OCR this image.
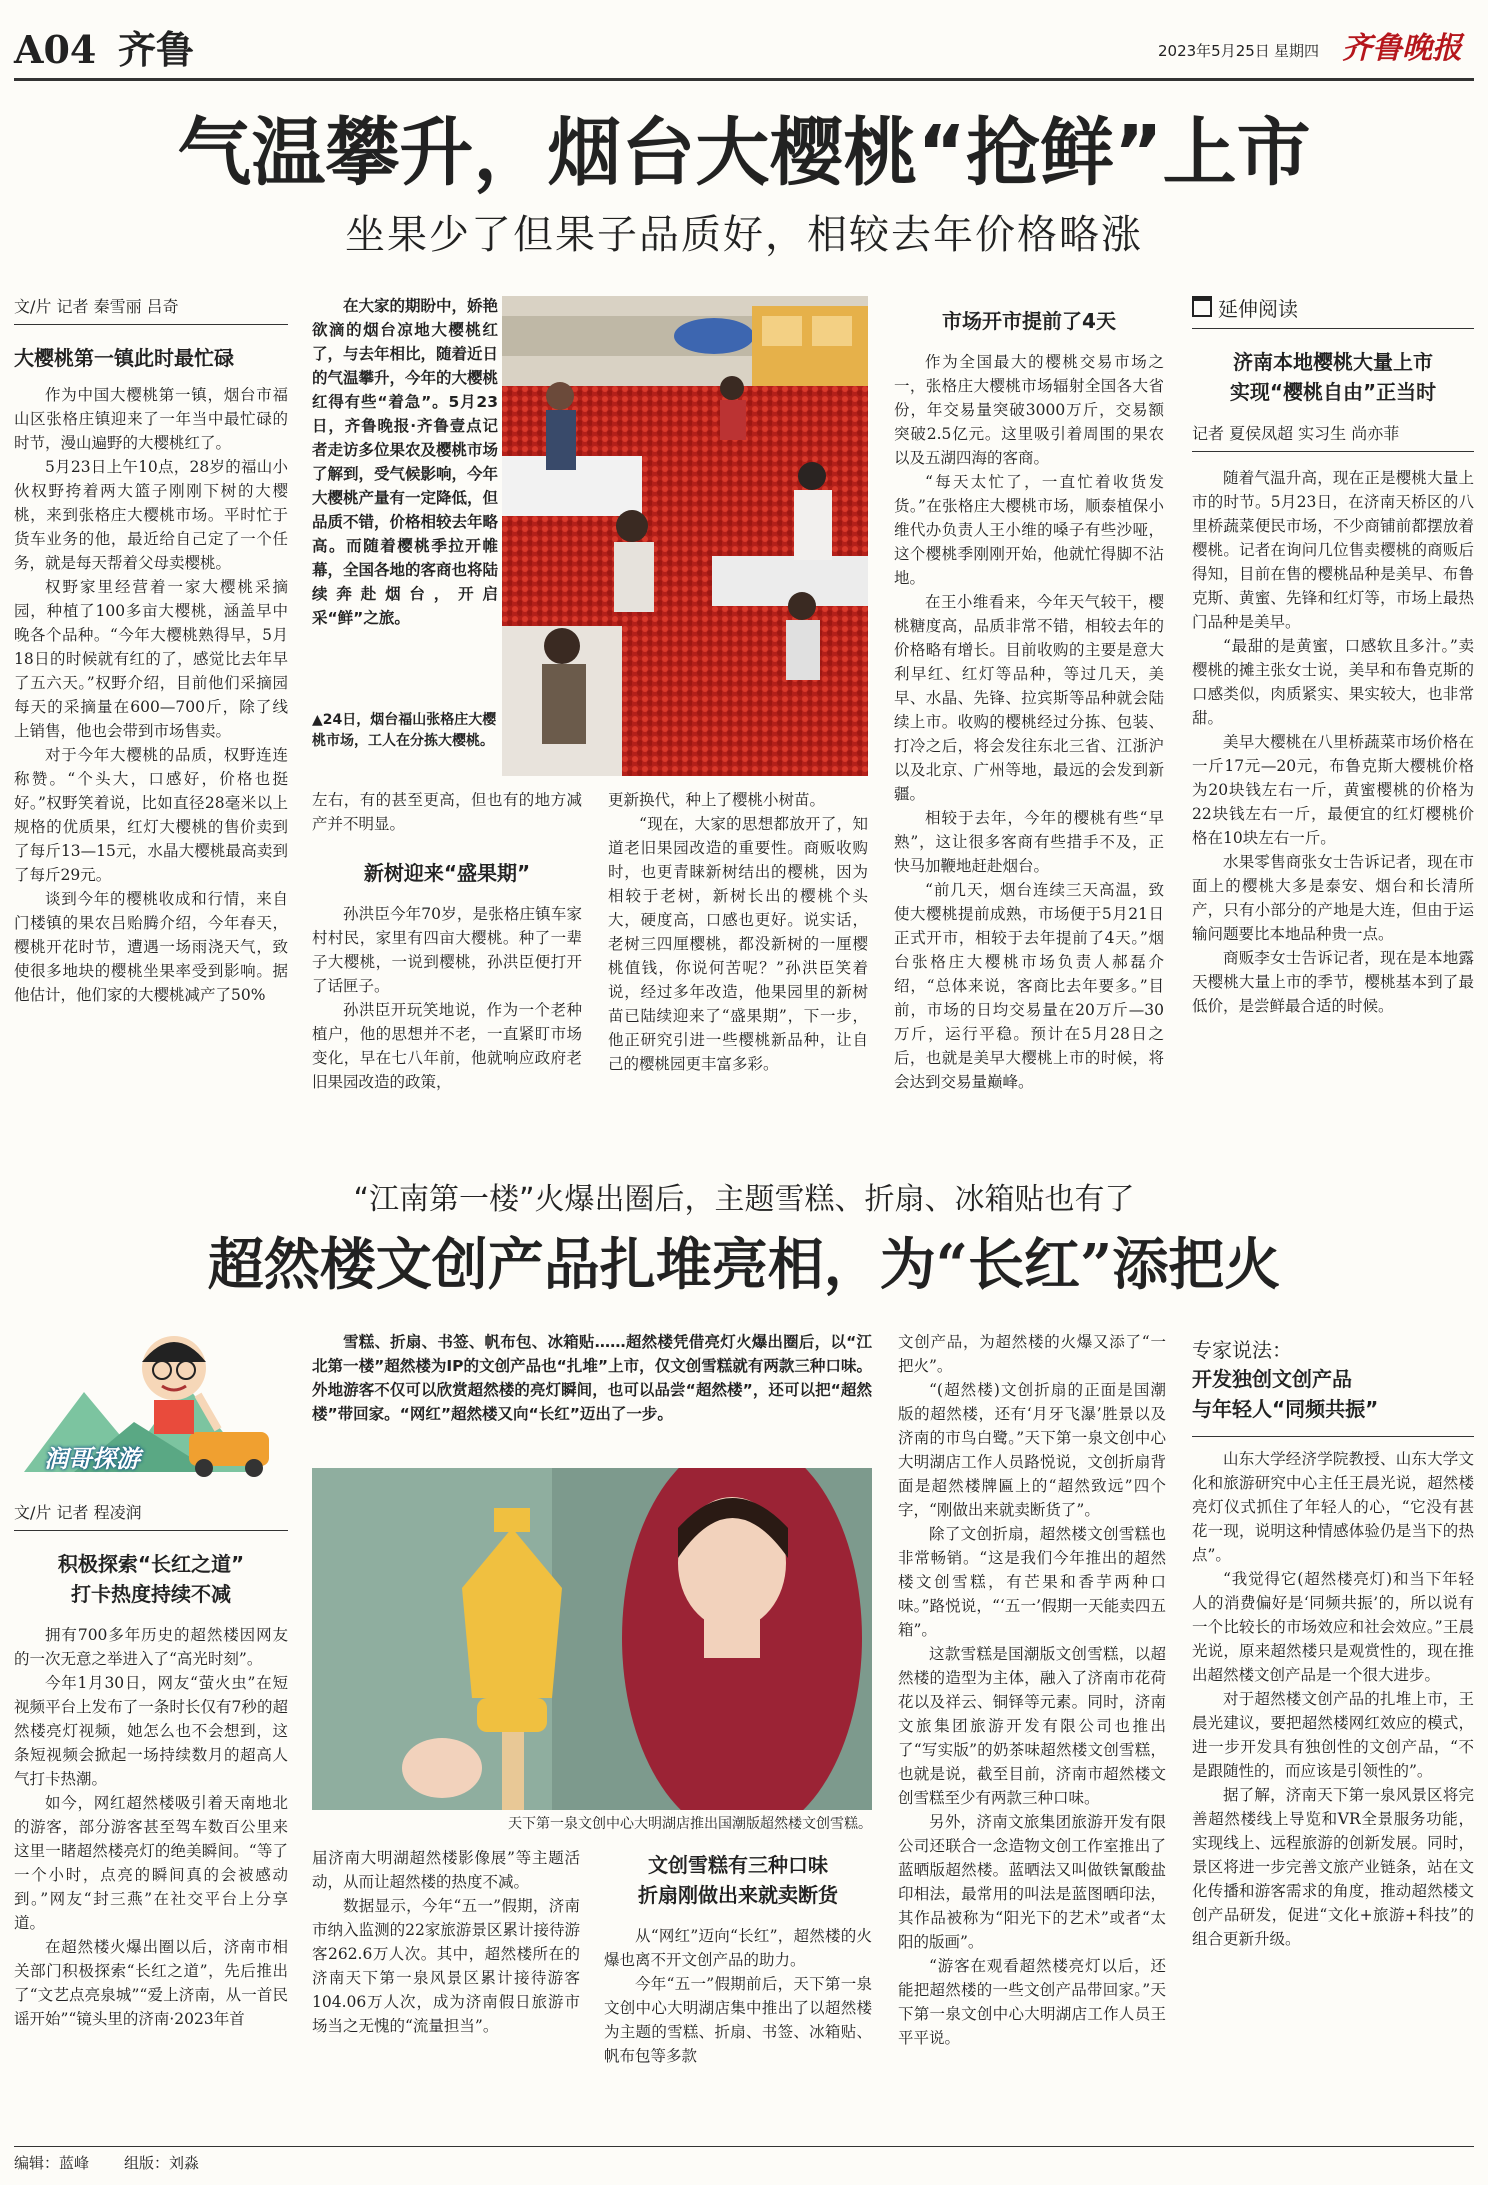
A04 齐鲁	2023年5月25日 星期四 齐鲁晚报
气温攀升，烟台大樱桃“抢鲜”上市
坐果少了但果子品质好，相较去年价格略涨
文/片 记者 秦雪丽 吕奇
大樱桃第一镇此时最忙碌

作为中国大樱桃第一镇，烟台市福山区张格庄镇迎来了一年当中最忙碌的时节，漫山遍野的大樱桃红了。

5月23日上午10点，28岁的福山小伙权野挎着两大篮子刚刚下树的大樱桃，来到张格庄大樱桃市场。平时忙于货车业务的他，最近给自己定了一个任务，就是每天帮着父母卖樱桃。

权野家里经营着一家大樱桃采摘园，种植了100多亩大樱桃，涵盖早中晚各个品种。“今年大樱桃熟得早，5月18日的时候就有红的了，感觉比去年早了五六天。”权野介绍，目前他们采摘园每天的采摘量在600—700斤，除了线上销售，他也会带到市场售卖。

对于今年大樱桃的品质，权野连连称赞。“个头大，口感好，价格也挺好。”权野笑着说，比如直径28毫米以上规格的优质果，红灯大樱桃的售价卖到了每斤13—15元，水晶大樱桃最高卖到了每斤29元。

谈到今年的樱桃收成和行情，来自门楼镇的果农吕贻腾介绍，今年春天，樱桃开花时节，遭遇一场雨浇天气，致使很多地块的樱桃坐果率受到影响。据他估计，他们家的大樱桃减产了50%

在大家的期盼中，娇艳欲滴的烟台凉地大樱桃红了，与去年相比，随着近日的气温攀升，今年的大樱桃红得有些“着急”。5月23日，齐鲁晚报·齐鲁壹点记者走访多位果农及樱桃市场了解到，受气候影响，今年大樱桃产量有一定降低，但品质不错，价格相较去年略高。而随着樱桃季拉开帷幕，全国各地的客商也将陆续奔赴烟台，开启采“鲜”之旅。

▲24日，烟台福山张格庄大樱桃市场，工人在分拣大樱桃。

左右，有的甚至更高，但也有的地方减产并不明显。

新树迎来“盛果期”

孙洪臣今年70岁，是张格庄镇车家村村民，家里有四亩大樱桃。种了一辈子大樱桃，一说到樱桃，孙洪臣便打开了话匣子。

孙洪臣开玩笑地说，作为一个老种植户，他的思想并不老，一直紧盯市场变化，早在七八年前，他就响应政府老旧果园改造的政策，

更新换代，种上了樱桃小树苗。

“现在，大家的思想都放开了，知道老旧果园改造的重要性。商贩收购时，也更青睐新树结出的樱桃，因为相较于老树，新树长出的樱桃个头大，硬度高，口感也更好。说实话，老树三四厘樱桃，都没新树的一厘樱桃值钱，你说何苦呢？”孙洪臣笑着说，经过多年改造，他果园里的新树苗已陆续迎来了“盛果期”，下一步，他正研究引进一些樱桃新品种，让自己的樱桃园更丰富多彩。

市场开市提前了4天

作为全国最大的樱桃交易市场之一，张格庄大樱桃市场辐射全国各大省份，年交易量突破3000万斤，交易额突破2.5亿元。这里吸引着周围的果农以及五湖四海的客商。

“每天太忙了，一直忙着收货发货。”在张格庄大樱桃市场，顺泰植保小维代办负责人王小维的嗓子有些沙哑，这个樱桃季刚刚开始，他就忙得脚不沾地。

在王小维看来，今年天气较干，樱桃糖度高，品质非常不错，相较去年的价格略有增长。目前收购的主要是意大利早红、红灯等品种，等过几天，美早、水晶、先锋、拉宾斯等品种就会陆续上市。收购的樱桃经过分拣、包装、打冷之后，将会发往东北三省、江浙沪以及北京、广州等地，最远的会发到新疆。

相较于去年，今年的樱桃有些“早熟”，这让很多客商有些措手不及，正快马加鞭地赶赴烟台。

“前几天，烟台连续三天高温，致使大樱桃提前成熟，市场便于5月21日正式开市，相较于去年提前了4天。”烟台张格庄大樱桃市场负责人郝磊介绍，“总体来说，客商比去年要多。”目前，市场的日均交易量在20万斤—30万斤，运行平稳。预计在5月28日之后，也就是美早大樱桃上市的时候，将会达到交易量巅峰。

延伸阅读
济南本地樱桃大量上市
实现“樱桃自由”正当时
记者 夏侯凤超 实习生 尚亦菲

随着气温升高，现在正是樱桃大量上市的时节。5月23日，在济南天桥区的八里桥蔬菜便民市场，不少商铺前都摆放着樱桃。记者在询问几位售卖樱桃的商贩后得知，目前在售的樱桃品种是美早、布鲁克斯、黄蜜、先锋和红灯等，市场上最热门品种是美早。

“最甜的是黄蜜，口感软且多汁。”卖樱桃的摊主张女士说，美早和布鲁克斯的口感类似，肉质紧实、果实较大，也非常甜。

美早大樱桃在八里桥蔬菜市场价格在一斤17元—20元，布鲁克斯大樱桃价格为20块钱左右一斤，黄蜜樱桃的价格为22块钱左右一斤，最便宜的红灯樱桃价格在10块左右一斤。

水果零售商张女士告诉记者，现在市面上的樱桃大多是泰安、烟台和长清所产，只有小部分的产地是大连，但由于运输问题要比本地品种贵一点。

商贩李女士告诉记者，现在是本地露天樱桃大量上市的季节，樱桃基本到了最低价，是尝鲜最合适的时候。

“江南第一楼”火爆出圈后，主题雪糕、折扇、冰箱贴也有了
超然楼文创产品扎堆亮相，为“长红”添把火
润哥探游
文/片 记者 程凌润
积极探索“长红之道”
打卡热度持续不减

拥有700多年历史的超然楼因网友的一次无意之举进入了“高光时刻”。

今年1月30日，网友“萤火虫”在短视频平台上发布了一条时长仅有7秒的超然楼亮灯视频，她怎么也不会想到，这条短视频会掀起一场持续数月的超高人气打卡热潮。

如今，网红超然楼吸引着天南地北的游客，部分游客甚至驾车数百公里来这里一睹超然楼亮灯的绝美瞬间。“等了一个小时，点亮的瞬间真的会被感动到。”网友“封三燕”在社交平台上分享道。

在超然楼火爆出圈以后，济南市相关部门积极探索“长红之道”，先后推出了“文艺点亮泉城”“爱上济南，从一首民谣开始”“镜头里的济南·2023年首

雪糕、折扇、书签、帆布包、冰箱贴……超然楼凭借亮灯火爆出圈后，以“江北第一楼”超然楼为IP的文创产品也“扎堆”上市，仅文创雪糕就有两款三种口味。外地游客不仅可以欣赏超然楼的亮灯瞬间，也可以品尝“超然楼”，还可以把“超然楼”带回家。“网红”超然楼又向“长红”迈出了一步。

天下第一泉文创中心大明湖店推出国潮版超然楼文创雪糕。

届济南大明湖超然楼影像展”等主题活动，从而让超然楼的热度不减。

数据显示，今年“五一”假期，济南市纳入监测的22家旅游景区累计接待游客262.6万人次。其中，超然楼所在的济南天下第一泉风景区累计接待游客104.06万人次，成为济南假日旅游市场当之无愧的“流量担当”。

文创雪糕有三种口味
折扇刚做出来就卖断货

从“网红”迈向“长红”，超然楼的火爆也离不开文创产品的助力。

今年“五一”假期前后，天下第一泉文创中心大明湖店集中推出了以超然楼为主题的雪糕、折扇、书签、冰箱贴、帆布包等多款

文创产品，为超然楼的火爆又添了“一把火”。

“(超然楼)文创折扇的正面是国潮版的超然楼，还有‘月牙飞瀑’胜景以及济南的市鸟白鹭。”天下第一泉文创中心大明湖店工作人员路悦说，文创折扇背面是超然楼牌匾上的“超然致远”四个字，“刚做出来就卖断货了”。

除了文创折扇，超然楼文创雪糕也非常畅销。“这是我们今年推出的超然楼文创雪糕，有芒果和香芋两种口味。”路悦说，“‘五一’假期一天能卖四五箱”。

这款雪糕是国潮版文创雪糕，以超然楼的造型为主体，融入了济南市花荷花以及祥云、铜铎等元素。同时，济南文旅集团旅游开发有限公司也推出了“写实版”的奶茶味超然楼文创雪糕，也就是说，截至目前，济南市超然楼文创雪糕至少有两款三种口味。

另外，济南文旅集团旅游开发有限公司还联合一念造物文创工作室推出了蓝晒版超然楼。蓝晒法又叫做铁氰酸盐印相法，最常用的叫法是蓝图晒印法，其作品被称为“阳光下的艺术”或者“太阳的版画”。

“游客在观看超然楼亮灯以后，还能把超然楼的一些文创产品带回家。”天下第一泉文创中心大明湖店工作人员王平平说。

专家说法：
开发独创文创产品
与年轻人“同频共振”

山东大学经济学院教授、山东大学文化和旅游研究中心主任王晨光说，超然楼亮灯仪式抓住了年轻人的心，“它没有甚花一现，说明这种情感体验仍是当下的热点”。

“我觉得它(超然楼亮灯)和当下年轻人的消费偏好是‘同频共振’的，所以说有一个比较长的市场效应和社会效应。”王晨光说，原来超然楼只是观赏性的，现在推出超然楼文创产品是一个很大进步。

对于超然楼文创产品的扎堆上市，王晨光建议，要把超然楼网红效应的模式，进一步开发具有独创性的文创产品，“不是跟随性的，而应该是引领性的”。

据了解，济南天下第一泉风景区将完善超然楼线上导览和VR全景服务功能，实现线上、远程旅游的创新发展。同时，景区将进一步完善文旅产业链条，站在文化传播和游客需求的角度，推动超然楼文创产品研发，促进“文化+旅游+科技”的组合更新升级。

编辑：蓝峰 组版：刘淼
